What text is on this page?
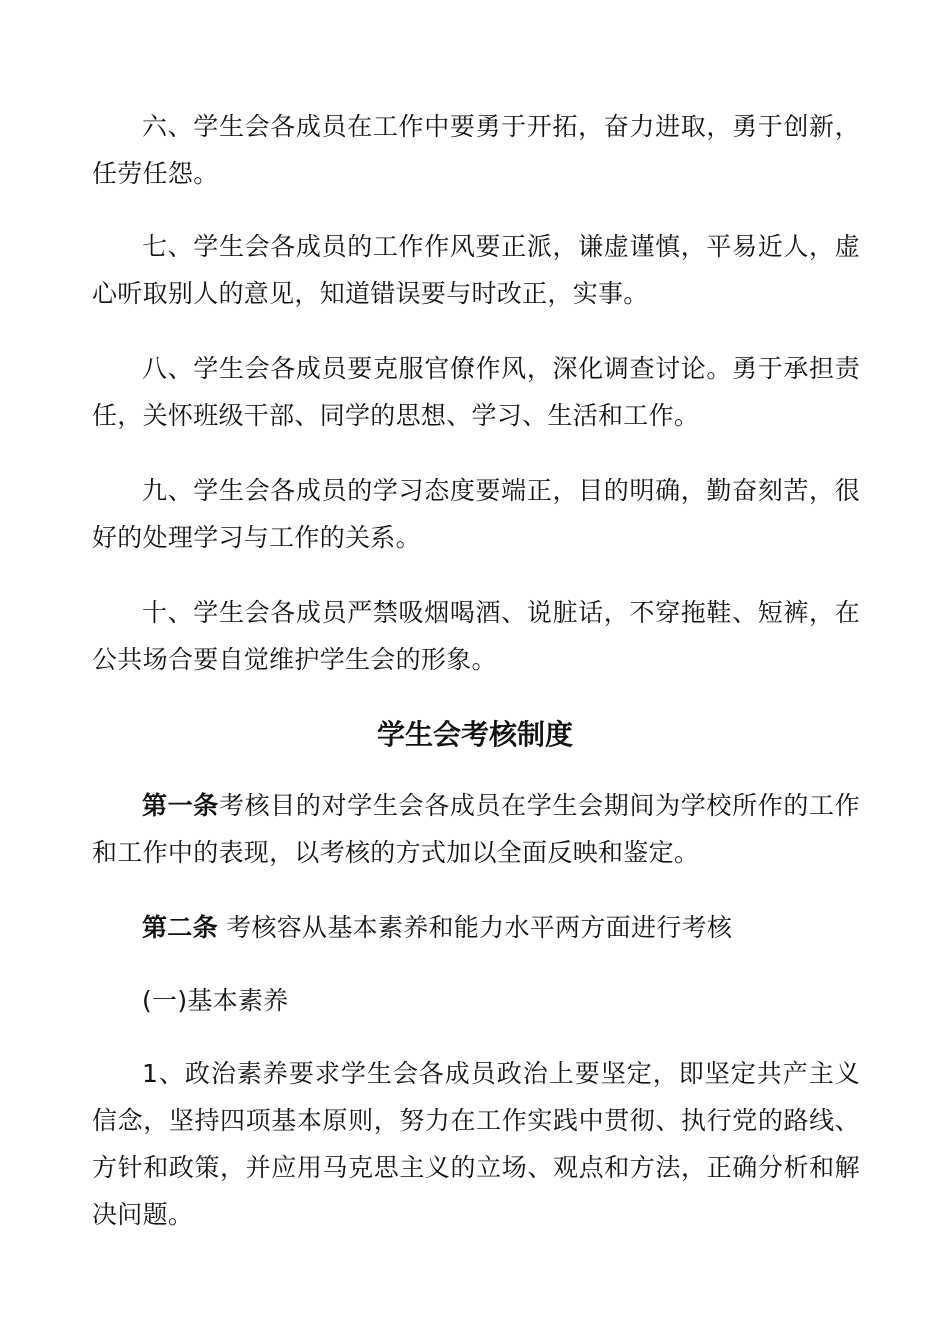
六、学生会各成员在工作中要勇于开拓，奋力进取，勇于创新，任劳任怨。

七、学生会各成员的工作作风要正派，谦虚谨慎，平易近人，虚心听取别人的意见，知道错误要与时改正，实事。

八、学生会各成员要克服官僚作风，深化调查讨论。勇于承担责任，关怀班级干部、同学的思想、学习、生活和工作。

九、学生会各成员的学习态度要端正，目的明确，勤奋刻苦，很好的处理学习与工作的关系。

十、学生会各成员严禁吸烟喝酒、说脏话，不穿拖鞋、短裤，在公共场合要自觉维护学生会的形象。

学生会考核制度

第一条考核目的对学生会各成员在学生会期间为学校所作的工作和工作中的表现，以考核的方式加以全面反映和鉴定。

第二条 考核容从基本素养和能力水平两方面进行考核

(一)基本素养

1、政治素养要求学生会各成员政治上要坚定，即坚定共产主义信念，坚持四项基本原则，努力在工作实践中贯彻、执行党的路线、方针和政策，并应用马克思主义的立场、观点和方法，正确分析和解决问题。
